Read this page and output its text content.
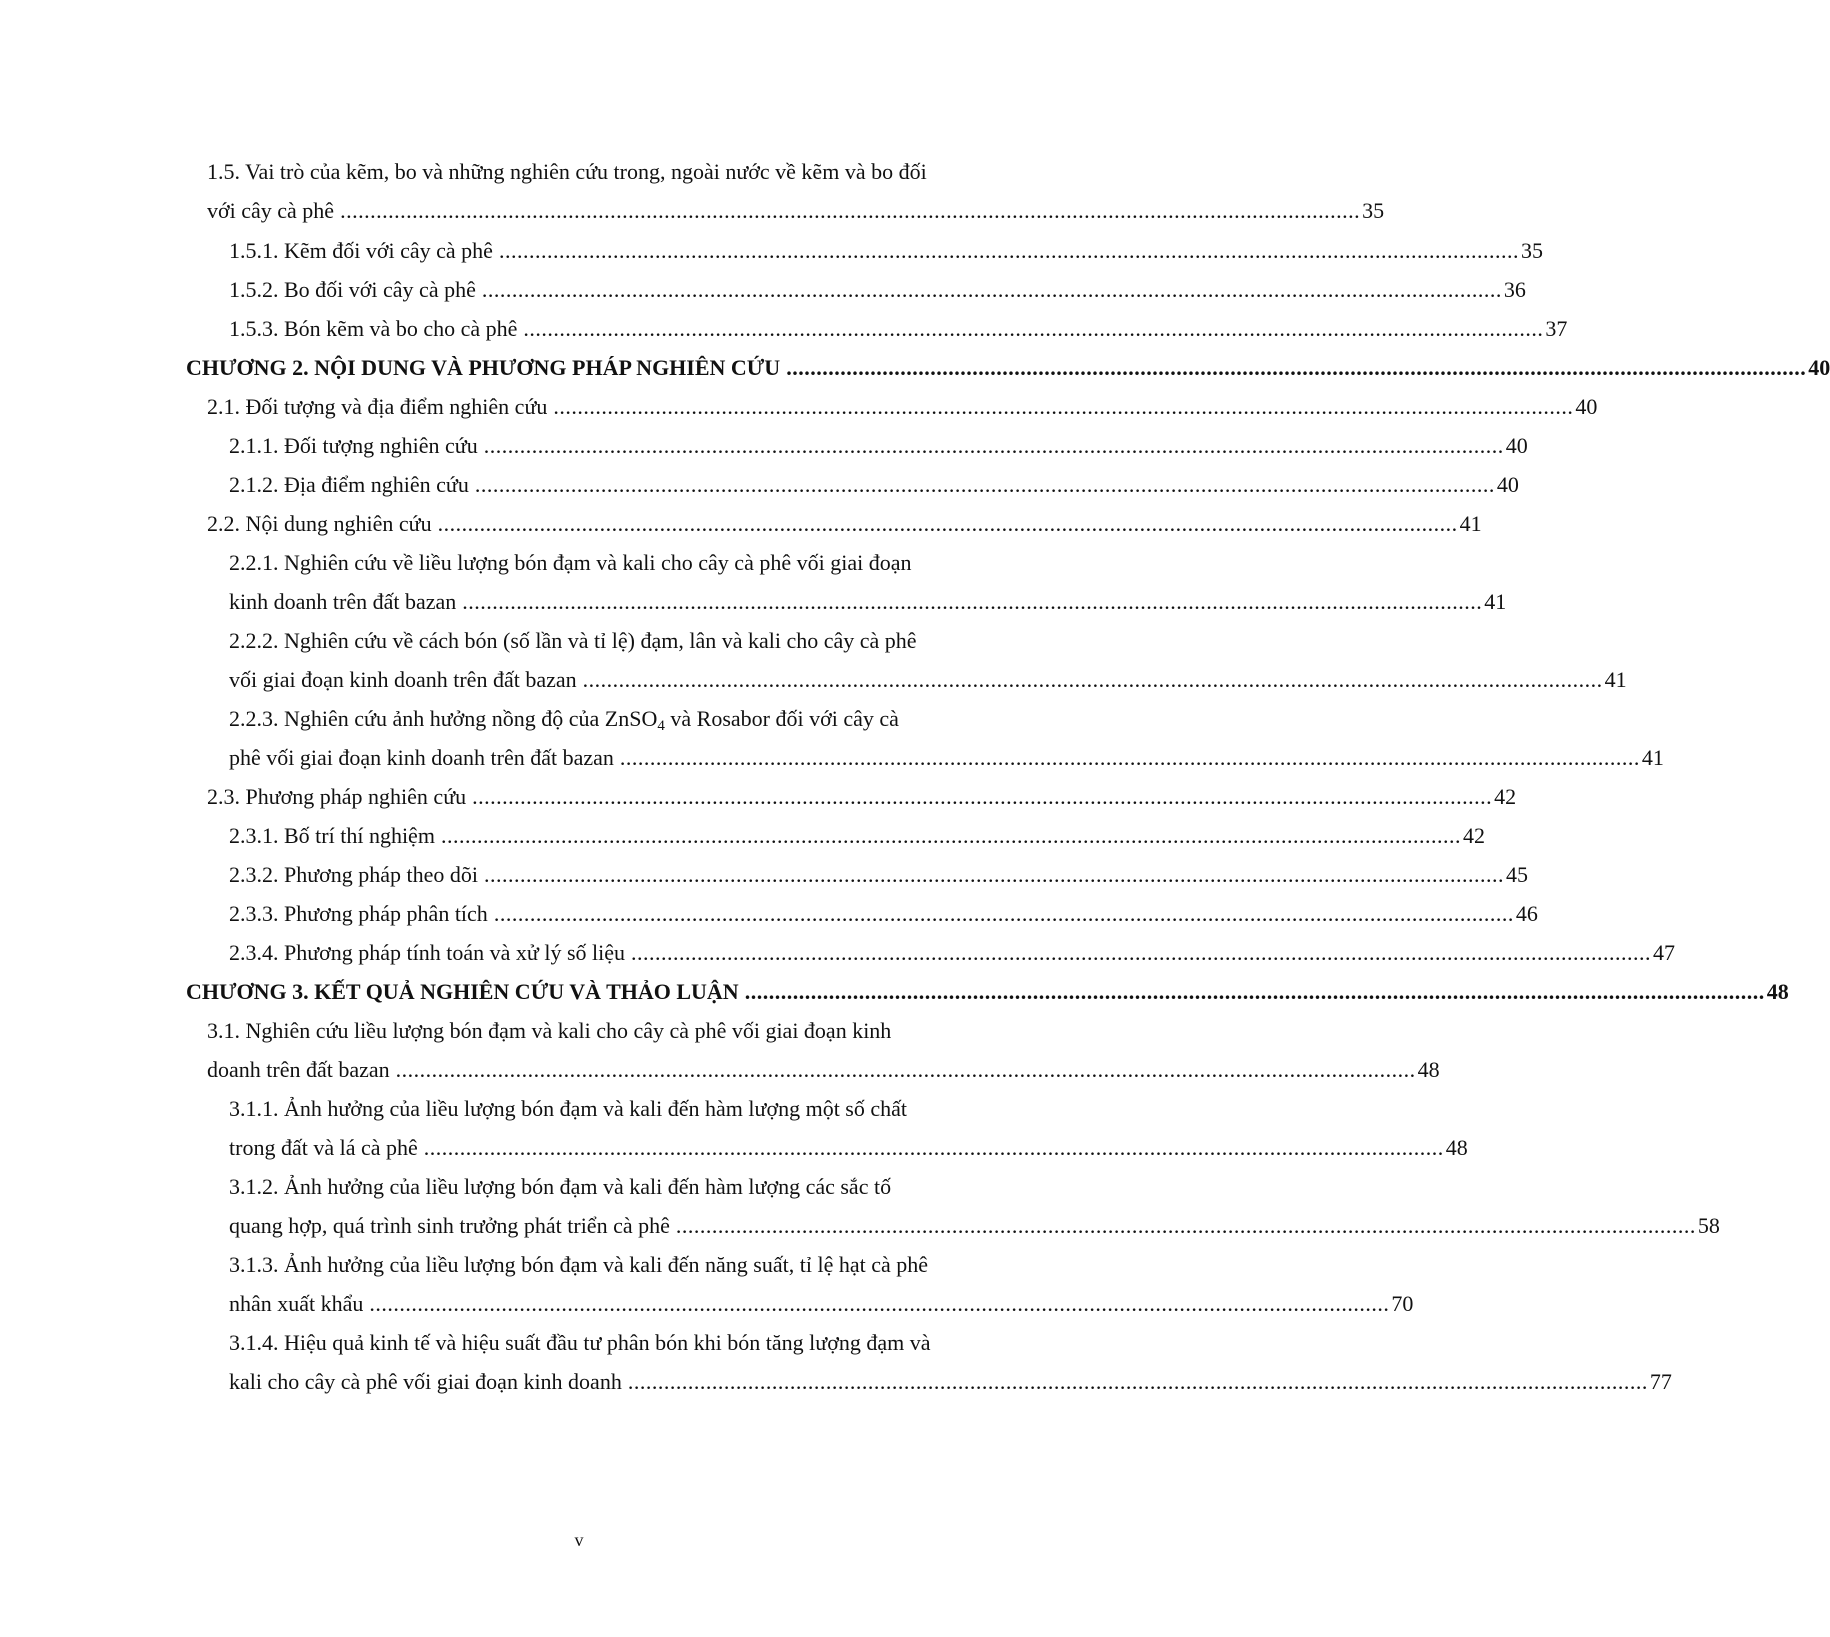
1.5. Vai trò của kẽm, bo và những nghiên cứu trong, ngoài nước về kẽm và bo đối
với cây cà phê .......................................................................................................................................................................... 35
1.5.1. Kẽm đối với cây cà phê .......................................................................................................................................................................... 35
1.5.2. Bo đối với cây cà phê .......................................................................................................................................................................... 36
1.5.3. Bón kẽm và bo cho cà phê .......................................................................................................................................................................... 37
CHƯƠNG 2. NỘI DUNG VÀ PHƯƠNG PHÁP NGHIÊN CỨU .......................................................................................................................................................................... 40
2.1. Đối tượng và địa điểm nghiên cứu .......................................................................................................................................................................... 40
2.1.1. Đối tượng nghiên cứu .......................................................................................................................................................................... 40
2.1.2. Địa điểm nghiên cứu .......................................................................................................................................................................... 40
2.2. Nội dung nghiên cứu .......................................................................................................................................................................... 41
2.2.1. Nghiên cứu về liều lượng bón đạm và kali cho cây cà phê vối giai đoạn
kinh doanh trên đất bazan .......................................................................................................................................................................... 41
2.2.2. Nghiên cứu về cách bón (số lần và tỉ lệ) đạm, lân và kali cho cây cà phê
vối giai đoạn kinh doanh trên đất bazan .......................................................................................................................................................................... 41
2.2.3. Nghiên cứu ảnh hưởng nồng độ của ZnSO$_4$ và Rosabor đối với cây cà
phê vối giai đoạn kinh doanh trên đất bazan .......................................................................................................................................................................... 41
2.3. Phương pháp nghiên cứu .......................................................................................................................................................................... 42
2.3.1. Bố trí thí nghiệm .......................................................................................................................................................................... 42
2.3.2. Phương pháp theo dõi .......................................................................................................................................................................... 45
2.3.3. Phương pháp phân tích .......................................................................................................................................................................... 46
2.3.4. Phương pháp tính toán và xử lý số liệu .......................................................................................................................................................................... 47
CHƯƠNG 3. KẾT QUẢ NGHIÊN CỨU VÀ THẢO LUẬN .......................................................................................................................................................................... 48
3.1. Nghiên cứu liều lượng bón đạm và kali cho cây cà phê vối giai đoạn kinh
doanh trên đất bazan .......................................................................................................................................................................... 48
3.1.1. Ảnh hưởng của liều lượng bón đạm và kali đến hàm lượng một số chất
trong đất và lá cà phê .......................................................................................................................................................................... 48
3.1.2. Ảnh hưởng của liều lượng bón đạm và kali đến hàm lượng các sắc tố
quang hợp, quá trình sinh trưởng phát triển cà phê .......................................................................................................................................................................... 58
3.1.3. Ảnh hưởng của liều lượng bón đạm và kali đến năng suất, tỉ lệ hạt cà phê
nhân xuất khẩu .......................................................................................................................................................................... 70
3.1.4. Hiệu quả kinh tế và hiệu suất đầu tư phân bón khi bón tăng lượng đạm và
kali cho cây cà phê vối giai đoạn kinh doanh .......................................................................................................................................................................... 77
v
